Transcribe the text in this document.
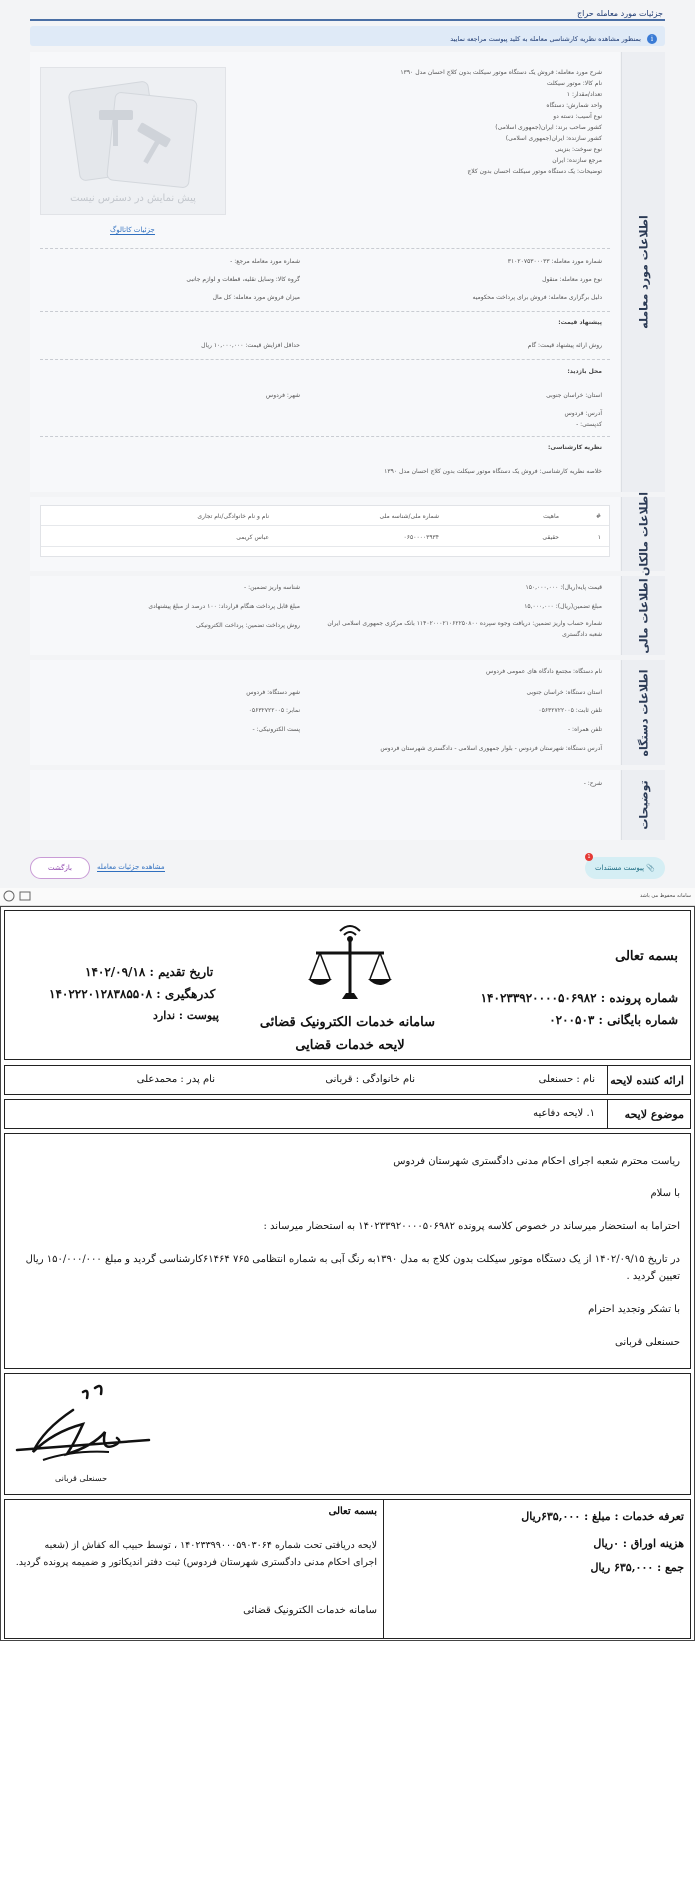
جزئیات مورد معامله حراج
i
بمنظور مشاهده نظریه کارشناسی معامله به کلید پیوست مراجعه نمایید
اطلاعات مورد معامله
اطلاعات مالکان
اطلاعات مالی
اطلاعات دستگاه
توضیحات
شرح مورد معامله: فروش یک دستگاه موتور سیکلت بدون کلاج احسان مدل ۱۳۹۰
نام کالا: موتور سیکلت
تعداد/مقدار: ۱
واحد شمارش: دستگاه
نوع آسیب: دسته دو
کشور صاحب برند: ایران(جمهوری اسلامی)
کشور سازنده: ایران(جمهوری اسلامی)
نوع سوخت: بنزینی
مرجع سازنده: ایران
توضیحات: یک دستگاه موتور سیکلت احسان بدون کلاج
پیش نمایش در دسترس نیست
جزئیات کاتالوگ
شماره مورد معامله: ۳۱۰۲۰۷۵۳۰۰۰۳۳
شماره مورد معامله مرجع: -
نوع مورد معامله: منقول
گروه کالا: وسایل نقلیه، قطعات و لوازم جانبی
دلیل برگزاری معامله: فروش برای پرداخت محکومیه
میزان فروش مورد معامله: کل مال
پیشنهاد قیمت:
روش ارائه پیشنهاد قیمت: گام
حداقل افزایش قیمت: ۱۰,۰۰۰,۰۰۰ ریال
محل بازدید:
استان: خراسان جنوبی
شهر: فردوس
آدرس: فردوس
کدپستی: -
نظریه کارشناسی:
خلاصه نظریه کارشناسی: فروش یک دستگاه موتور سیکلت بدون کلاج احسان مدل ۱۳۹۰
#
ماهیت
شماره ملی/شناسه ملی
نام و نام خانوادگی/نام تجاری
۱
حقیقی
۰۶۵۰۰۰۰۳۹۳۴
عباس کریمی
قیمت پایه(ریال): ۱۵۰,۰۰۰,۰۰۰
شناسه واریز تضمین: -
مبلغ تضمین(ریال): ۱۵,۰۰۰,۰۰۰
مبلغ قابل پرداخت هنگام قرارداد: ۱۰۰ درصد از مبلغ پیشنهادی
شماره حساب واریز تضمین: دریافت وجوه سپرده ۱۱۴۰۲۰۰۰۲۱۰۶۲۲۵۰۸۰۰ بانک مرکزی جمهوری اسلامی ایران
روش پرداخت تضمین: پرداخت الکترونیکی
شعبه دادگستری
نام دستگاه: مجتمع دادگاه های عمومی فردوس
استان دستگاه: خراسان جنوبی
شهر دستگاه: فردوس
تلفن ثابت: ۰۵۶۳۲۷۲۲۰۰۵
نمابر: ۰۵۶۳۲۷۲۲۰۰۵
تلفن همراه: -
پست الکترونیکی: -
آدرس دستگاه: شهرستان فردوس - بلوار جمهوری اسلامی - دادگستری شهرستان فردوس
شرح: -
بازگشت	مشاهده جزئیات معامله	📎 پیوست مستندات
1
سامانه محفوظ می باشد
بسمه تعالی
شماره پرونده : ۱۴۰۲۳۳۹۲۰۰۰۰۵۰۶۹۸۲
شماره بایگانی : ۰۲۰۰۵۰۳
سامانه خدمات الکترونیک قضائی
لایحه خدمات قضایی
تاریخ تقدیم : ۱۴۰۲/۰۹/۱۸
کدرهگیری : ۱۴۰۲۲۲۰۱۲۸۳۸۵۵۰۸
پیوست : ندارد
ارائه کننده لایحه
نام : حسنعلی
نام خانوادگی : قربانی
نام پدر : محمدعلی
موضوع لایحه
۱. لایحه دفاعیه
ریاست محترم شعبه اجرای احکام مدنی دادگستری شهرستان فردوس
با سلام
احتراما به استحضار میرساند در خصوص کلاسه پرونده ۱۴۰۲۳۳۹۲۰۰۰۰۵۰۶۹۸۲ به استحضار میرساند :
در تاریخ ۱۴۰۲/۰۹/۱۵ از یک دستگاه موتور سیکلت بدون کلاج به مدل ۱۳۹۰به رنگ آبی به شماره انتظامی ۷۶۵ ۶۱۴۶۴کارشناسی گردید و مبلغ ۱۵۰/۰۰۰/۰۰۰ ریال
تعیین گردید .
با تشکر وتجدید احترام
حسنعلی قربانی
حسنعلی قربانی
تعرفه خدمات : مبلغ : ۶۳۵,۰۰۰ریال
هزینه اوراق : ۰ریال
جمع : ۶۳۵,۰۰۰ ریال
بسمه تعالی
لایحه دریافتی تحت شماره ۱۴۰۲۳۳۹۹۰۰۰۵۹۰۳۰۶۴ ، توسط حبیب اله کفاش از (شعبه
اجرای احکام مدنی دادگستری شهرستان فردوس) ثبت دفتر اندیکاتور و ضمیمه پرونده گردید.
سامانه خدمات الکترونیک قضائی
